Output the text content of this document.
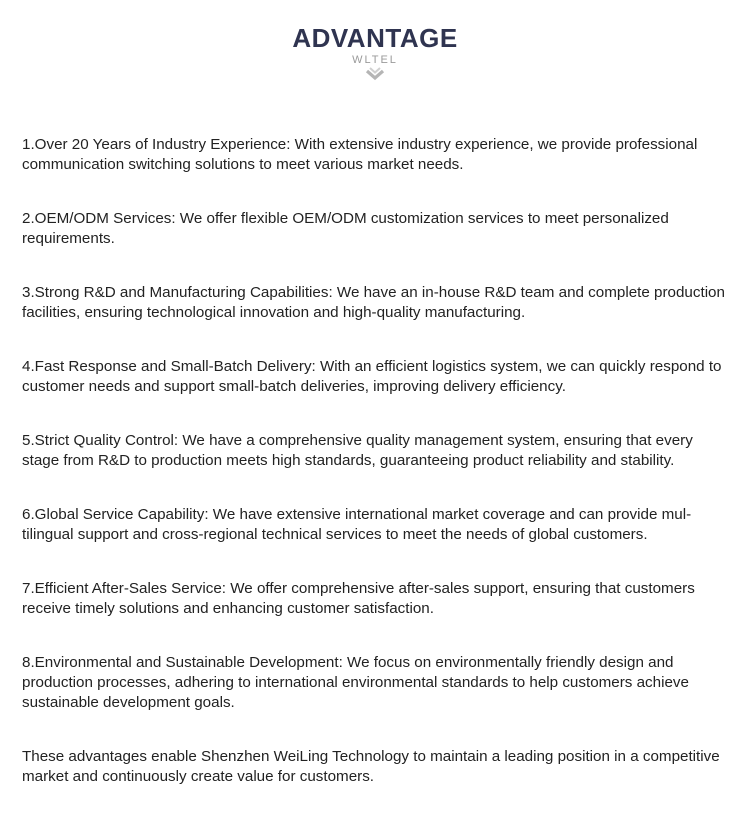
ADVANTAGE
WLTEL

1.Over 20 Years of Industry Experience: With extensive industry experience, we provide professional communication switching solutions to meet various market needs.

2.OEM/ODM Services: We offer flexible OEM/ODM customization services to meet personalized requirements.

3.Strong R&D and Manufacturing Capabilities: We have an in-house R&D team and complete production facilities, ensuring technological innovation and high-quality manufacturing.

4.Fast Response and Small-Batch Delivery: With an efficient logistics system, we can quickly respond to customer needs and support small-batch deliveries, improving delivery efficiency.

5.Strict Quality Control: We have a comprehensive quality management system, ensuring that every stage from R&D to production meets high standards, guaranteeing product reliability and stability.

6.Global Service Capability: We have extensive international market coverage and can provide multilingual support and cross-regional technical services to meet the needs of global customers.

7.Efficient After-Sales Service: We offer comprehensive after-sales support, ensuring that customers receive timely solutions and enhancing customer satisfaction.

8.Environmental and Sustainable Development: We focus on environmentally friendly design and production processes, adhering to international environmental standards to help customers achieve sustainable development goals.

These advantages enable Shenzhen WeiLing Technology to maintain a leading position in a competitive market and continuously create value for customers.
